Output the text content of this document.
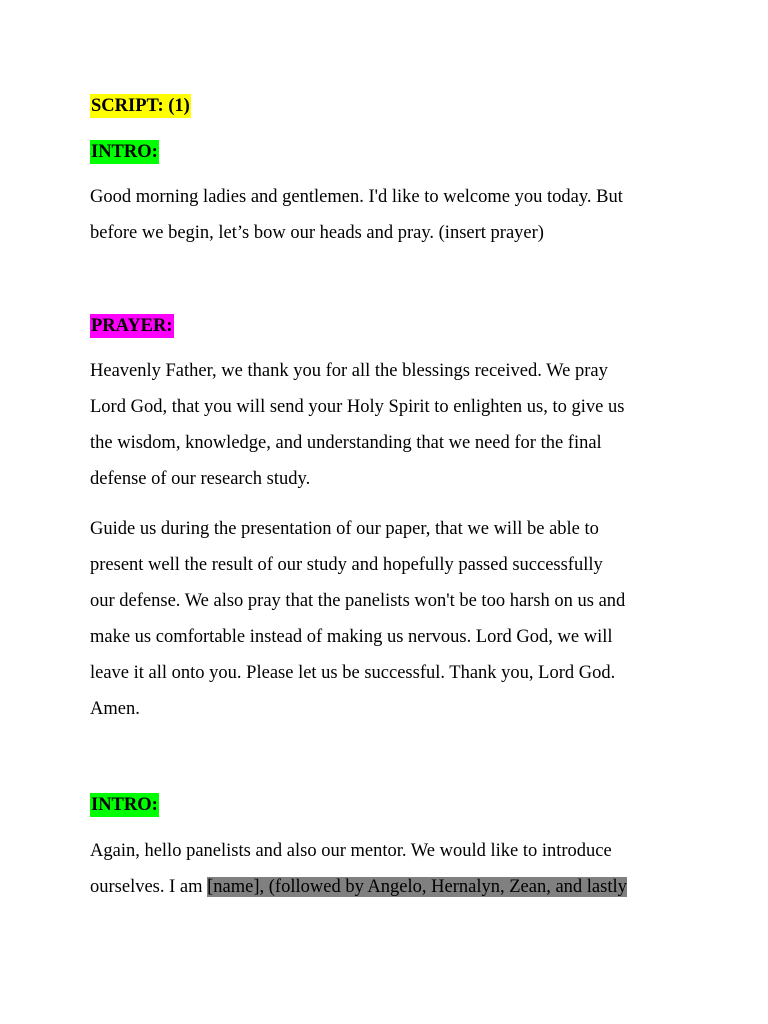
SCRIPT: (1)
INTRO:
Good morning ladies and gentlemen. I'd like to welcome you today. But
before we begin, let’s bow our heads and pray. (insert prayer)
PRAYER:
Heavenly Father, we thank you for all the blessings received. We pray
Lord God, that you will send your Holy Spirit to enlighten us, to give us
the wisdom, knowledge, and understanding that we need for the final
defense of our research study.
Guide us during the presentation of our paper, that we will be able to
present well the result of our study and hopefully passed successfully
our defense. We also pray that the panelists won't be too harsh on us and
make us comfortable instead of making us nervous. Lord God, we will
leave it all onto you. Please let us be successful. Thank you, Lord God.
Amen.
INTRO:
Again, hello panelists and also our mentor. We would like to introduce
ourselves. I am [name], (followed by Angelo, Hernalyn, Zean, and lastly
